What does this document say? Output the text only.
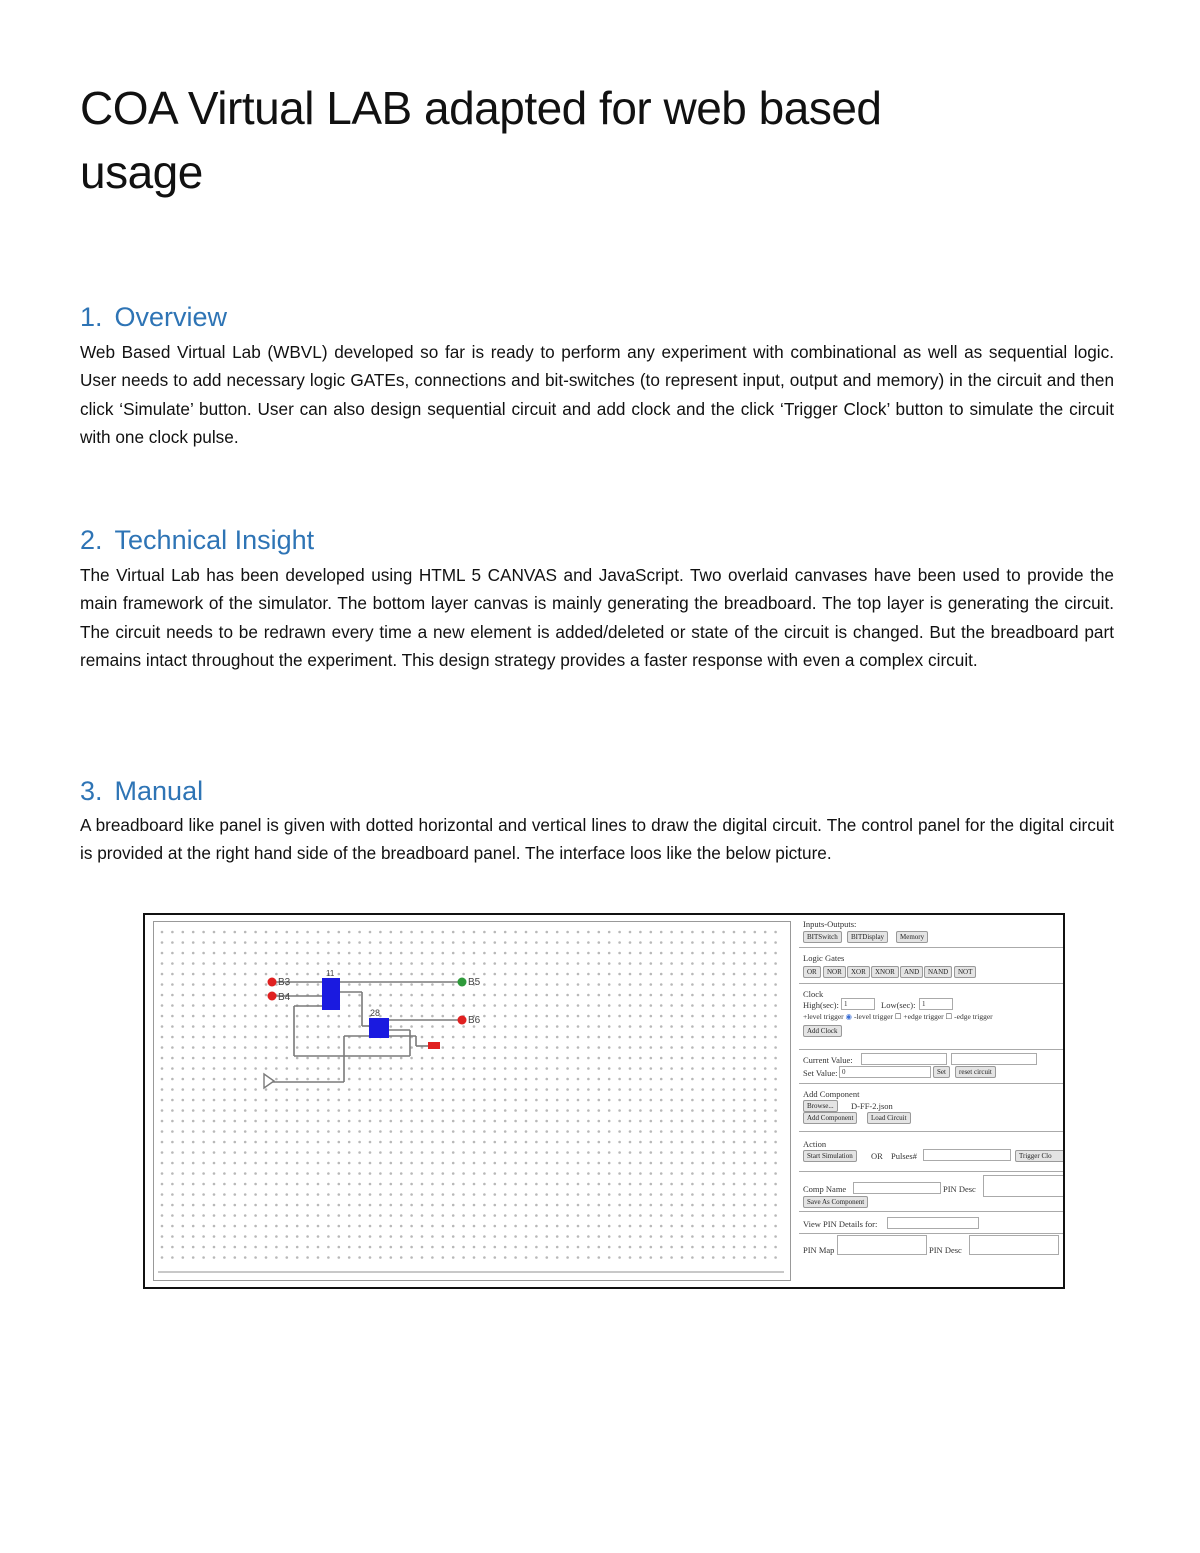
COA Virtual LAB adapted for web based usage
1. Overview

Web Based Virtual Lab (WBVL) developed so far is ready to perform any experiment with combinational as well as sequential logic. User needs to add necessary logic GATEs, connections and bit-switches (to represent input, output and memory) in the circuit and then click ‘Simulate’ button. User can also design sequential circuit and add clock and the click ‘Trigger Clock’ button to simulate the circuit with one clock pulse.

2. Technical Insight

The Virtual Lab has been developed using HTML 5 CANVAS and JavaScript. Two overlaid canvases have been used to provide the main framework of the simulator. The bottom layer canvas is mainly generating the breadboard. The top layer is generating the circuit. The circuit needs to be redrawn every time a new element is added/deleted or state of the circuit is changed. But the breadboard part remains intact throughout the experiment. This design strategy provides a faster response with even a complex circuit.

3. Manual

A breadboard like panel is given with dotted horizontal and vertical lines to draw the digital circuit. The control panel for the digital circuit is provided at the right hand side of the breadboard panel. The interface loos like the below picture.

B3
B4
B5
B6
11
28
Inputs-Outputs:
BITSwitch	BITDisplay	Memory
Logic Gates
OR	NOR	XOR	XNOR	AND	NAND	NOT
Clock
High(sec): 1	Low(sec): 1
+level trigger ◉ -level trigger ☐ +edge trigger ☐ -edge trigger
Add Clock
Current Value:
Set Value: 0	Set	reset circuit
Add Component
Browse...	D-FF-2.json
Add Component	Load Circuit
Action
Start Simulation	OR Pulses#	Trigger Clo
Comp Name	PIN Desc
Save As Component
View PIN Details for:
PIN Map	PIN Desc
